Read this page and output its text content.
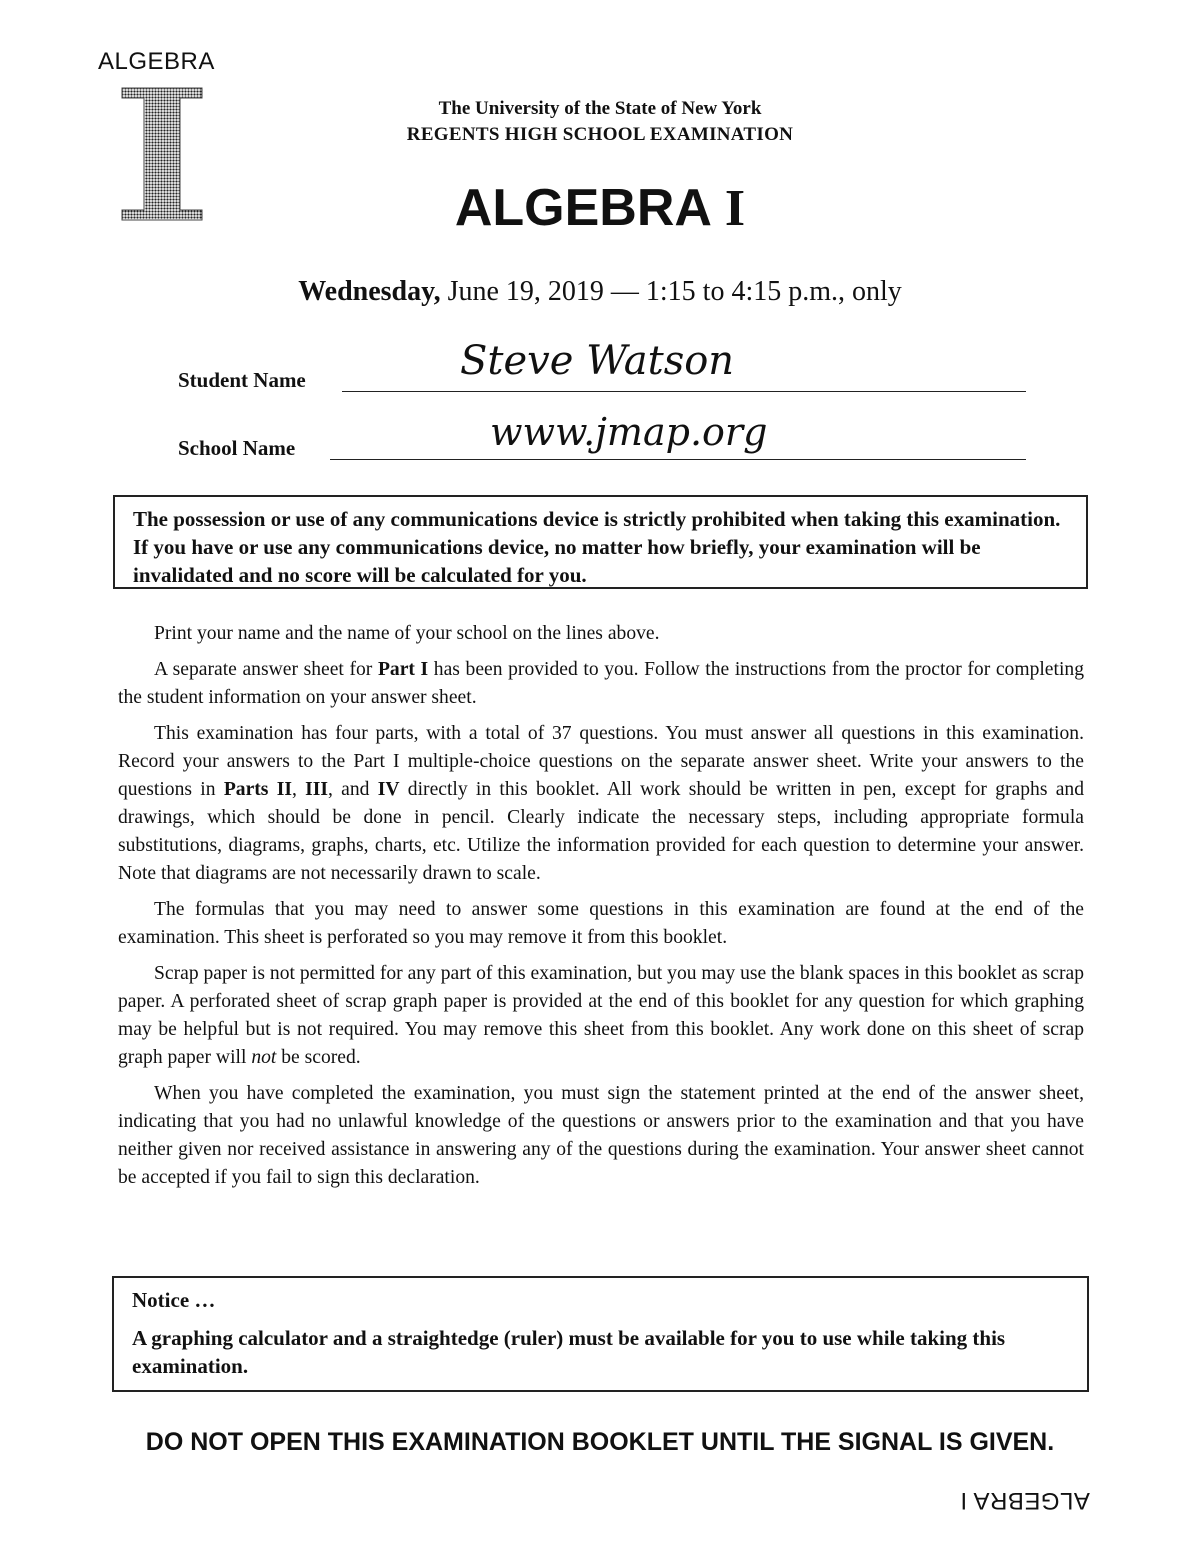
ALGEBRA
The University of the State of New York
REGENTS HIGH SCHOOL EXAMINATION
ALGEBRA I
Wednesday, June 19, 2019 — 1:15 to 4:15 p.m., only
Student Name	Steve Watson
School Name	www.jmap.org
The possession or use of any communications device is strictly prohibited when taking this examination. If you have or use any communications device, no matter how briefly, your examination will be invalidated and no score will be calculated for you.

Print your name and the name of your school on the lines above.

A separate answer sheet for Part I has been provided to you. Follow the instructions from the proctor for completing the student information on your answer sheet.

This examination has four parts, with a total of 37 questions. You must answer all questions in this examination. Record your answers to the Part I multiple-choice questions on the separate answer sheet. Write your answers to the questions in Parts II, III, and IV directly in this booklet. All work should be written in pen, except for graphs and drawings, which should be done in pencil. Clearly indicate the necessary steps, including appropriate formula substitutions, diagrams, graphs, charts, etc. Utilize the information provided for each question to determine your answer. Note that diagrams are not necessarily drawn to scale.

The formulas that you may need to answer some questions in this examination are found at the end of the examination. This sheet is perforated so you may remove it from this booklet.

Scrap paper is not permitted for any part of this examination, but you may use the blank spaces in this booklet as scrap paper. A perforated sheet of scrap graph paper is provided at the end of this booklet for any question for which graphing may be helpful but is not required. You may remove this sheet from this booklet. Any work done on this sheet of scrap graph paper will not be scored.

When you have completed the examination, you must sign the statement printed at the end of the answer sheet, indicating that you had no unlawful knowledge of the questions or answers prior to the examination and that you have neither given nor received assistance in answering any of the questions during the examination. Your answer sheet cannot be accepted if you fail to sign this declaration.

Notice …
A graphing calculator and a straightedge (ruler) must be available for you to use while taking this examination.
DO NOT OPEN THIS EXAMINATION BOOKLET UNTIL THE SIGNAL IS GIVEN.
ALGEBRA I
